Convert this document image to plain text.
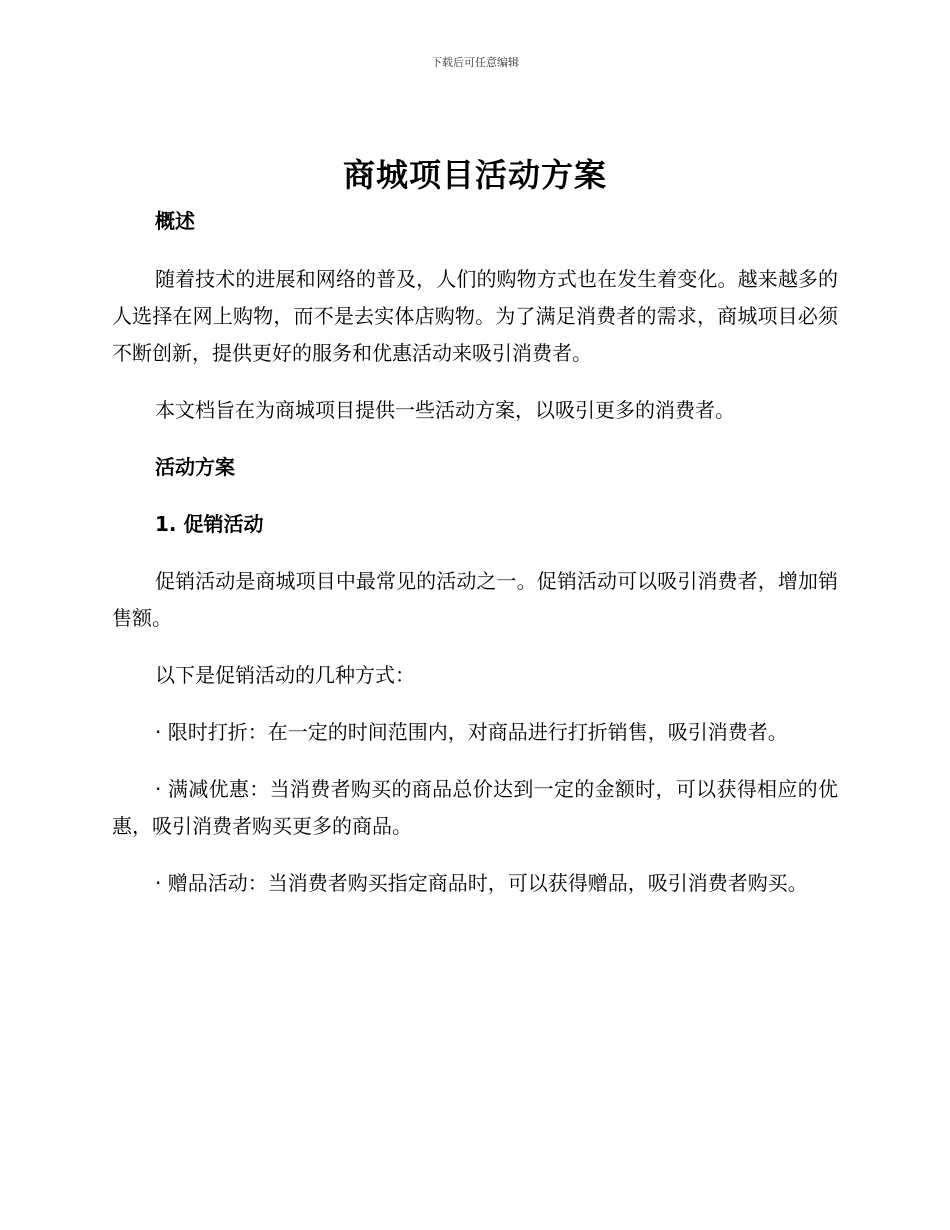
下载后可任意编辑
商城项目活动方案

概述

随着技术的进展和网络的普及，人们的购物方式也在发生着变化。越来越多的人选择在网上购物，而不是去实体店购物。为了满足消费者的需求，商城项目必须不断创新，提供更好的服务和优惠活动来吸引消费者。

本文档旨在为商城项目提供一些活动方案，以吸引更多的消费者。

活动方案

1. 促销活动

促销活动是商城项目中最常见的活动之一。促销活动可以吸引消费者，增加销售额。

以下是促销活动的几种方式：

· 限时打折：在一定的时间范围内，对商品进行打折销售，吸引消费者。

· 满减优惠：当消费者购买的商品总价达到一定的金额时，可以获得相应的优惠，吸引消费者购买更多的商品。

· 赠品活动：当消费者购买指定商品时，可以获得赠品，吸引消费者购买。
